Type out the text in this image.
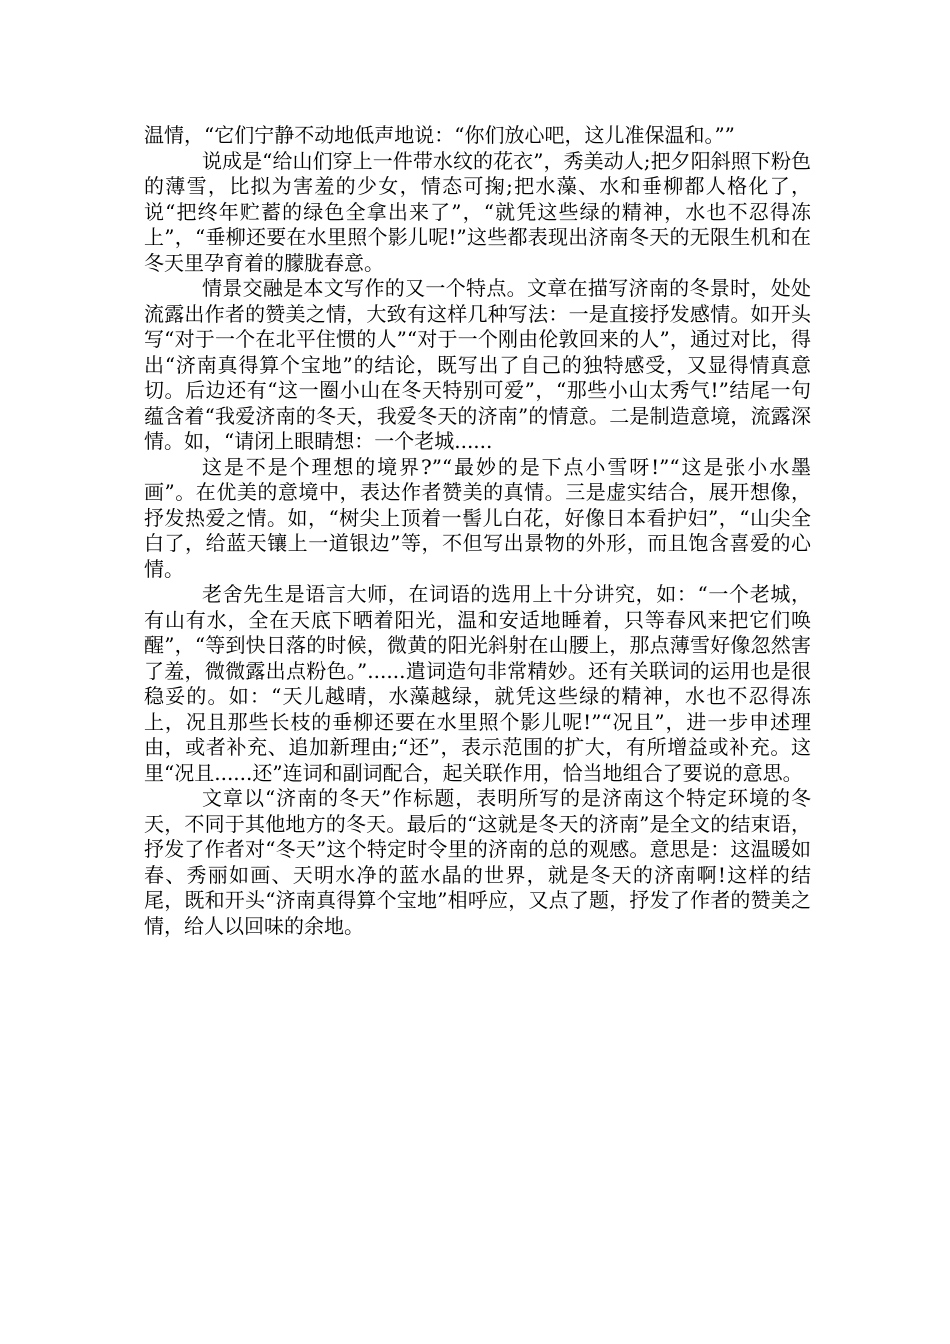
温情，“它们宁静不动地低声地说：“你们放心吧，这儿准保温和。””

说成是“给山们穿上一件带水纹的花衣”，秀美动人;把夕阳斜照下粉色的薄雪，比拟为害羞的少女，情态可掬;把水藻、水和垂柳都人格化了，说“把终年贮蓄的绿色全拿出来了”，“就凭这些绿的精神，水也不忍得冻上”，“垂柳还要在水里照个影儿呢!”这些都表现出济南冬天的无限生机和在冬天里孕育着的朦胧春意。

情景交融是本文写作的又一个特点。文章在描写济南的冬景时，处处流露出作者的赞美之情，大致有这样几种写法：一是直接抒发感情。如开头写“对于一个在北平住惯的人”“对于一个刚由伦敦回来的人”，通过对比，得出“济南真得算个宝地”的结论，既写出了自己的独特感受，又显得情真意切。后边还有“这一圈小山在冬天特别可爱”，“那些小山太秀气!”结尾一句蕴含着“我爱济南的冬天，我爱冬天的济南”的情意。二是制造意境，流露深情。如，“请闭上眼睛想：一个老城......

这是不是个理想的境界?”“最妙的是下点小雪呀!”“这是张小水墨画”。在优美的意境中，表达作者赞美的真情。三是虚实结合，展开想像，抒发热爱之情。如，“树尖上顶着一髻儿白花，好像日本看护妇”，“山尖全白了，给蓝天镶上一道银边”等，不但写出景物的外形，而且饱含喜爱的心情。

老舍先生是语言大师，在词语的选用上十分讲究，如：“一个老城，有山有水，全在天底下晒着阳光，温和安适地睡着，只等春风来把它们唤醒”，“等到快日落的时候，微黄的阳光斜射在山腰上，那点薄雪好像忽然害了羞，微微露出点粉色。”......遣词造句非常精妙。还有关联词的运用也是很稳妥的。如：“天儿越晴，水藻越绿，就凭这些绿的精神，水也不忍得冻上，况且那些长枝的垂柳还要在水里照个影儿呢!”“况且”，进一步申述理由，或者补充、追加新理由;“还”，表示范围的扩大，有所增益或补充。这里“况且......还”连词和副词配合，起关联作用，恰当地组合了要说的意思。

文章以“济南的冬天”作标题，表明所写的是济南这个特定环境的冬天，不同于其他地方的冬天。最后的“这就是冬天的济南”是全文的结束语，抒发了作者对“冬天”这个特定时令里的济南的总的观感。意思是：这温暖如春、秀丽如画、天明水净的蓝水晶的世界，就是冬天的济南啊!这样的结尾，既和开头“济南真得算个宝地”相呼应，又点了题，抒发了作者的赞美之情，给人以回味的余地。
